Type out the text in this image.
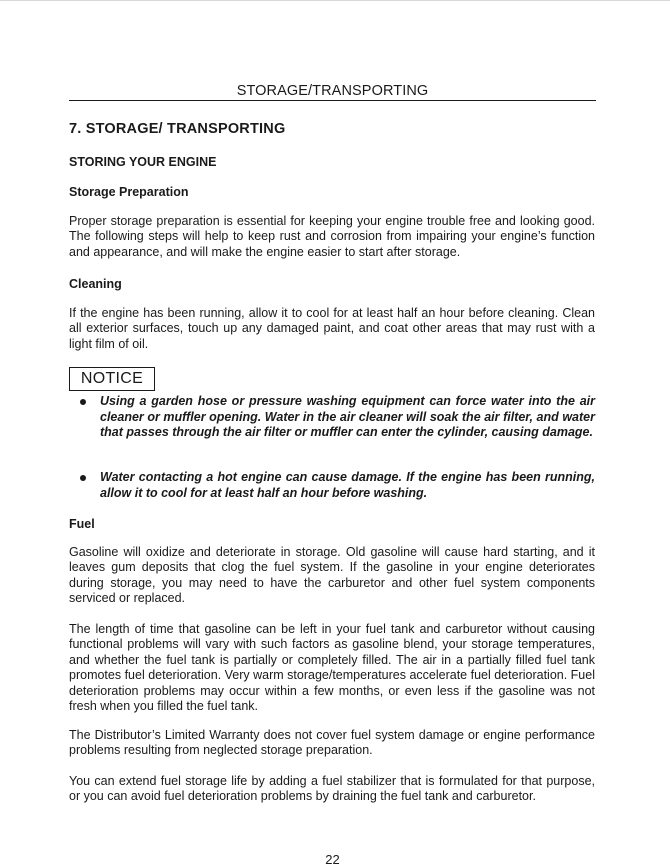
STORAGE/TRANSPORTING
7. STORAGE/ TRANSPORTING
STORING YOUR ENGINE
Storage Preparation

Proper storage preparation is essential for keeping your engine trouble free and looking good. The following steps will help to keep rust and corrosion from impairing your engine’s function and appearance, and will make the engine easier to start after storage.

Cleaning

If the engine has been running, allow it to cool for at least half an hour before cleaning. Clean all exterior surfaces, touch up any damaged paint, and coat other areas that may rust with a light film of oil.

NOTICE
Using a garden hose or pressure washing equipment can force water into the air cleaner or muffler opening. Water in the air cleaner will soak the air filter, and water that passes through the air filter or muffler can enter the cylinder, causing damage.
Water contacting a hot engine can cause damage. If the engine has been running, allow it to cool for at least half an hour before washing.
Fuel

Gasoline will oxidize and deteriorate in storage. Old gasoline will cause hard starting, and it leaves gum deposits that clog the fuel system. If the gasoline in your engine deteriorates during storage, you may need to have the carburetor and other fuel system components serviced or replaced.

The length of time that gasoline can be left in your fuel tank and carburetor without causing functional problems will vary with such factors as gasoline blend, your storage temperatures, and whether the fuel tank is partially or completely filled. The air in a partially filled fuel tank promotes fuel deterioration. Very warm storage/temperatures accelerate fuel deterioration. Fuel deterioration problems may occur within a few months, or even less if the gasoline was not fresh when you filled the fuel tank.

The Distributor’s Limited Warranty does not cover fuel system damage or engine performance problems resulting from neglected storage preparation.

You can extend fuel storage life by adding a fuel stabilizer that is formulated for that purpose, or you can avoid fuel deterioration problems by draining the fuel tank and carburetor.

22
